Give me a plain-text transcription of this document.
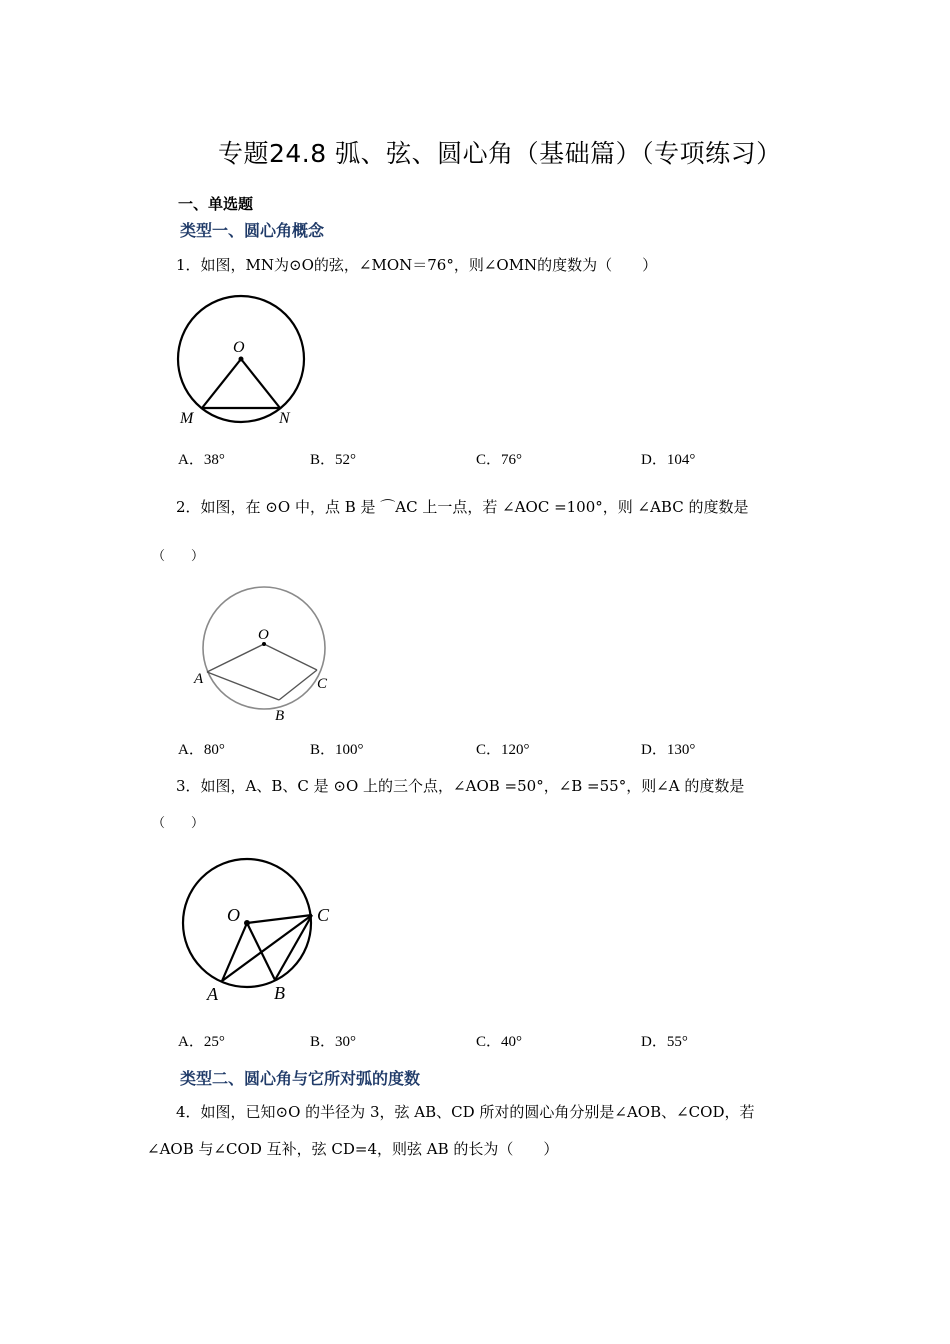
专题24.8 弧、弦、圆心角（基础篇）（专项练习）
一、单选题
类型一、圆心角概念
1．如图，MN为⊙O的弦，∠MON＝76°，则∠OMN的度数为（　　）
O
M	N
A．38°	B．52°	C．76°	D．104°
2．如图，在 ⊙O 中，点 B 是 ⌒AC 上一点，若 ∠AOC =100°，则 ∠ABC 的度数是
（　　）
O
A	C
B
A．80°	B．100°	C．120°	D．130°
3．如图，A、B、C 是 ⊙O 上的三个点，∠AOB =50°，∠B =55°，则∠A 的度数是
（　　）
O	C
A	B
A．25°	B．30°	C．40°	D．55°
类型二、圆心角与它所对弧的度数
4．如图，已知⊙O 的半径为 3，弦 AB、CD 所对的圆心角分别是∠AOB、∠COD，若
∠AOB 与∠COD 互补，弦 CD=4，则弦 AB 的长为（　　）
